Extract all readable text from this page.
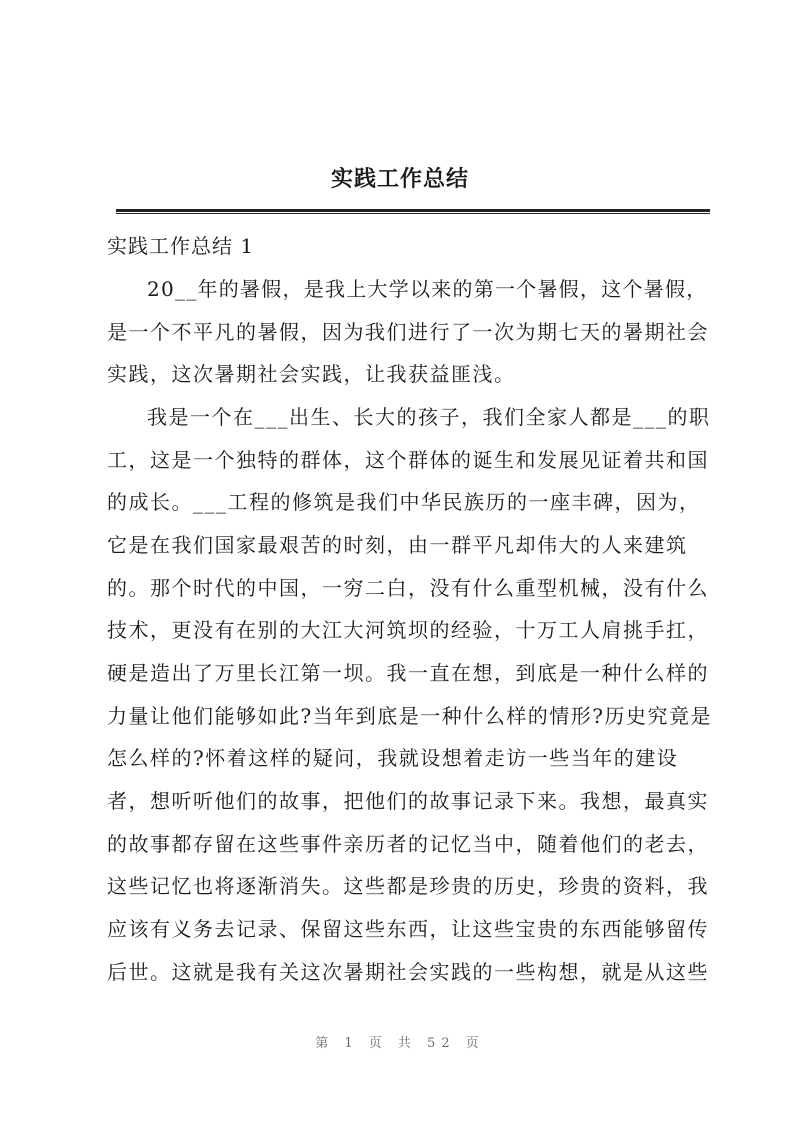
实践工作总结
实践工作总结 1
20__年的暑假，是我上大学以来的第一个暑假，这个暑假，
是一个不平凡的暑假，因为我们进行了一次为期七天的暑期社会
实践，这次暑期社会实践，让我获益匪浅。
我是一个在___出生、长大的孩子，我们全家人都是___的职
工，这是一个独特的群体，这个群体的诞生和发展见证着共和国
的成长。___工程的修筑是我们中华民族历的一座丰碑，因为，
它是在我们国家最艰苦的时刻，由一群平凡却伟大的人来建筑
的。那个时代的中国，一穷二白，没有什么重型机械，没有什么
技术，更没有在别的大江大河筑坝的经验，十万工人肩挑手扛，
硬是造出了万里长江第一坝。我一直在想，到底是一种什么样的
力量让他们能够如此?当年到底是一种什么样的情形?历史究竟是
怎么样的?怀着这样的疑问，我就设想着走访一些当年的建设
者，想听听他们的故事，把他们的故事记录下来。我想，最真实
的故事都存留在这些事件亲历者的记忆当中，随着他们的老去，
这些记忆也将逐渐消失。这些都是珍贵的历史，珍贵的资料，我
应该有义务去记录、保留这些东西，让这些宝贵的东西能够留传
后世。这就是我有关这次暑期社会实践的一些构想，就是从这些
第 1 页 共 52 页
